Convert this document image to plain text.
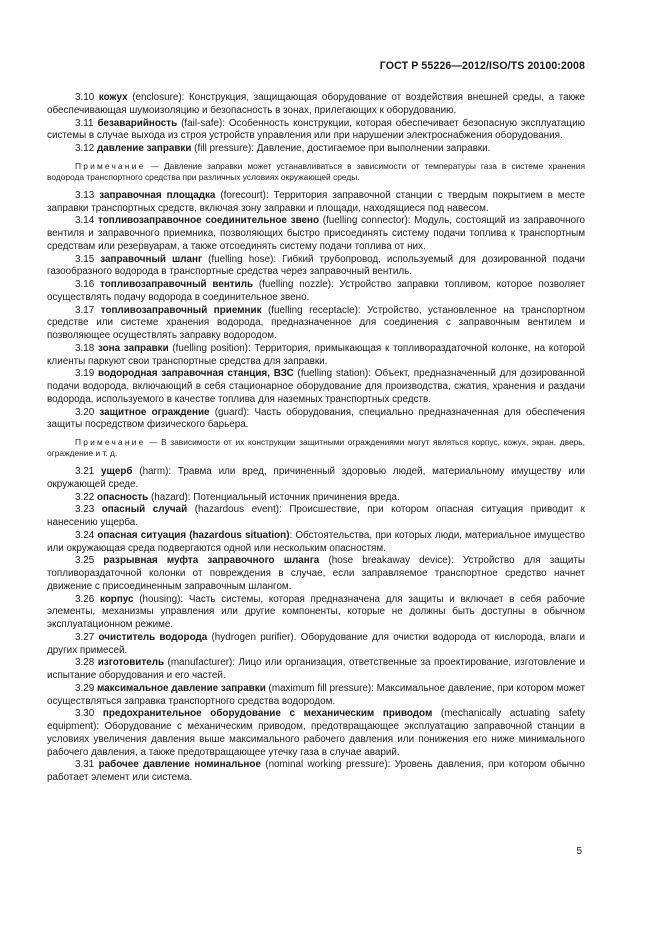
ГОСТ Р 55226—2012/ISO/TS 20100:2008

3.10 кожух (enclosure): Конструкция, защищающая оборудование от воздействия внешней среды, а также обеспечивающая шумоизоляцию и безопасность в зонах, прилегающих к оборудованию.

3.11 безаварийность (fail-safe): Особенность конструкции, которая обеспечивает безопасную эксплуатацию системы в случае выхода из строя устройств управления или при нарушении электроснабжения оборудования.

3.12 давление заправки (fill pressure): Давление, достигаемое при выполнении заправки.

Примечание — Давление заправки может устанавливаться в зависимости от температуры газа в системе хранения водорода транспортного средства при различных условиях окружающей среды.

3.13 заправочная площадка (forecourt): Территория заправочной станции с твердым покрытием в месте заправки транспортных средств, включая зону заправки и площади, находящиеся под навесом.

3.14 топливозаправочное соединительное звено (fuelling connector): Модуль, состоящий из заправочного вентиля и заправочного приемника, позволяющих быстро присоединять систему подачи топлива к транспортным средствам или резервуарам, а также отсоединять систему подачи топлива от них.

3.15 заправочный шланг (fuelling hose): Гибкий трубопровод, используемый для дозированной подачи газообразного водорода в транспортные средства через заправочный вентиль.

3.16 топливозаправочный вентиль (fuelling nozzle): Устройство заправки топливом, которое позволяет осуществлять подачу водорода в соединительное звено.

3.17 топливозаправочный приемник (fuelling receptacle): Устройство, установленное на транспортном средстве или системе хранения водорода, предназначенное для соединения с заправочным вентилем и позволяющее осуществлять заправку водородом.

3.18 зона заправки (fuelling position): Территория, примыкающая к топливораздаточной колонке, на которой клиенты паркуют свои транспортные средства для заправки.

3.19 водородная заправочная станция, ВЗС (fuelling station): Объект, предназначенный для дозированной подачи водорода, включающий в себя стационарное оборудование для производства, сжатия, хранения и раздачи водорода, используемого в качестве топлива для наземных транспортных средств.

3.20 защитное ограждение (guard): Часть оборудования, специально предназначенная для обеспечения защиты посредством физического барьера.

Примечание — В зависимости от их конструкции защитными ограждениями могут являться корпус, кожух, экран, дверь, ограждение и т. д.

3.21 ущерб (harm): Травма или вред, причиненный здоровью людей, материальному имуществу или окружающей среде.

3.22 опасность (hazard): Потенциальный источник причинения вреда.

3.23 опасный случай (hazardous event): Происшествие, при котором опасная ситуация приводит к нанесению ущерба.

3.24 опасная ситуация (hazardous situation): Обстоятельства, при которых люди, материальное имущество или окружающая среда подвергаются одной или нескольким опасностям.

3.25 разрывная муфта заправочного шланга (hose breakaway device): Устройство для защиты топливораздаточной колонки от повреждения в случае, если заправляемое транспортное средство начнет движение с присоединенным заправочным шлангом.

3.26 корпус (housing): Часть системы, которая предназначена для защиты и включает в себя рабочие элементы, механизмы управления или другие компоненты, которые не должны быть доступны в обычном эксплуатационном режиме.

3.27 очиститель водорода (hydrogen purifier). Оборудование для очистки водорода от кислорода, влаги и других примесей.

3.28 изготовитель (manufacturer): Лицо или организация, ответственные за проектирование, изготовление и испытание оборудования и его частей.

3.29 максимальное давление заправки (maximum fill pressure): Максимальное давление, при котором может осуществляться заправка транспортного средства водородом.

3.30 предохранительное оборудование с механическим приводом (mechanically actuating safety equipment): Оборудование с механическим приводом, предотвращающее эксплуатацию заправочной станции в условиях увеличения давления выше максимального рабочего давления или понижения его ниже минимального рабочего давления, а также предотвращающее утечку газа в случае аварий.

3.31 рабочее давление номинальное (nominal working pressure): Уровень давления, при котором обычно работает элемент или система.

5
